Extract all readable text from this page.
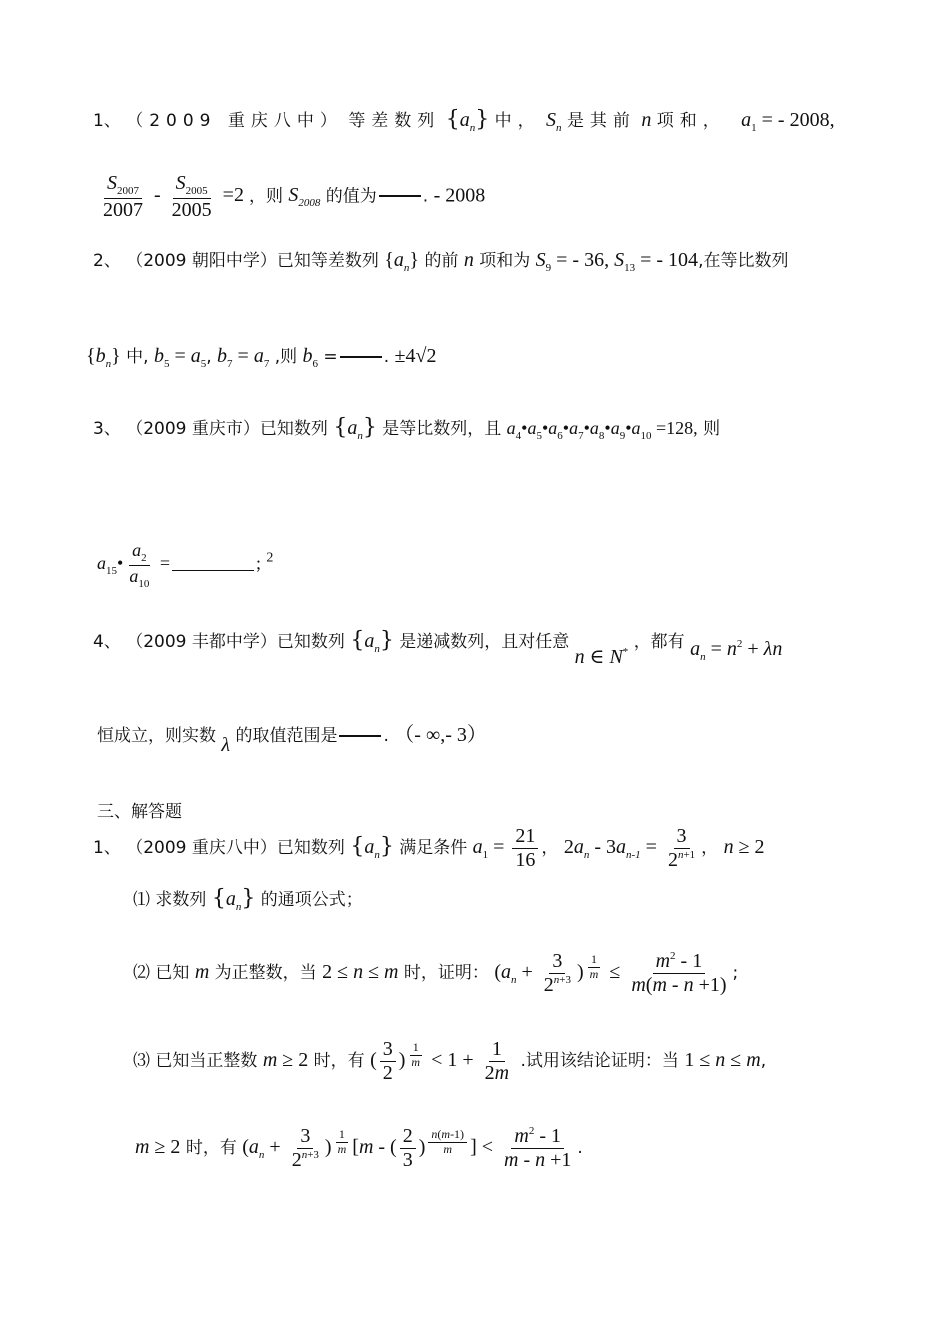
1、 （2009 重庆八中） 等差数列 $\{a_n\}$ 中， $S_n$ 是其前 n 项和， $a_1$ = - 2008,
$\frac{S_{2007}}{2007} - \frac{S_{2005}}{2005} =2$ ，则 $S_{2008}$ 的值为	. - 2008
2、 （2009 朝阳中学）已知等差数列 $\{a_n\}$ 的前 n 项和为 $S_9$ = - 36, $S_{13}$ = - 104,在等比数列
$\{b_n\}$ 中, $b_5 = a_5$, $b_7 = a_7$ ,则 $b_6$ =	. ±4√2
3、 （2009 重庆市）已知数列 $\{a_n\}$ 是等比数列，且 $a_4•a_5•a_6•a_7•a_8•a_9•a_{10} =128$, 则
$a_{15}• \frac{a_2}{a_{10}}$ =	; $^2$
4、 （2009 丰都中学）已知数列 $\{a_n\}$ 是递减数列，且对任意 n ∈ N* ，都有 $a_n = n^2 + \lambda n$
恒成立，则实数 λ 的取值范围是	. （- ∞,- 3）
三、解答题
1、 （2009 重庆八中）已知数列 $\{a_n\}$ 满足条件 $a_1 = \frac{21}{16}$ ， $2a_n - 3a_{n-1} = \frac{3}{2^{n+1}}$ ， n ≥ 2
⑴ 求数列 $\{a_n\}$ 的通项公式；
⑵ 已知 m 为正整数，当 2 ≤ n ≤ m 时，证明： ($a_n + \frac{3}{2^{n+3}}$ ) $^{\frac{1}{m}} \le \frac{m^2 - 1}{m(m - n +1)}$ ;
⑶ 已知当正整数 m ≥ 2 时，有 ( $\frac{3}{2}$ ) $^{\frac{1}{m}} < 1 + \frac{1}{2m}$ .试用该结论证明：当 1 ≤ n ≤ m,
m ≥ 2 时，有 ($a_n + \frac{3}{2^{n+3}}$ ) $^{\frac{1}{m}}$ [m - ( $\frac{2}{3}$ ) $^{\frac{n(m-1)}{m}}$ ] < $\frac{m^2 - 1}{m - n +1}$ .
